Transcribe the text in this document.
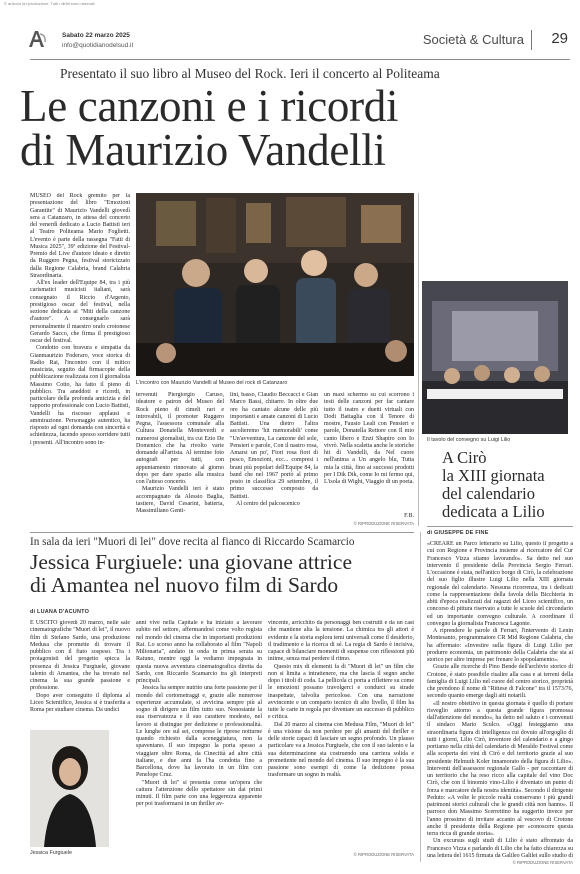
© articolo la riproduzione. Tutti i diritti sono riservati
Sabato 22 marzo 2025
info@quotidianodelsud.it	Società & Cultura 29
Presentato il suo libro al Museo del Rock. Ieri il concerto al Politeama
Le canzoni e i ricordi
di Maurizio Vandelli

MUSEO del Rock gremito per la presentazione del libro "Emozioni Garantite" di Maurizio Vandelli giovedì sera a Catanzaro, in attesa del concerto del venerdì dedicato a Lucio Battisti ieri al Teatro Politeama Mario Foglietti. L'evento è parte della rassegna "Fatti di Musica 2025", 39ª edizione del Festival-Premio del Live d'autore ideato e diretto da Ruggero Pegna, festival storicizzato dalla Regione Calabria, brand Calabria Straordinaria.

All'ex leader dell'Equipe 84, tra i più carismatici musicisti italiani, sarà consegnato il Riccio d'Argento, prestigioso oscar del festival, nella sezione dedicata ai "Miti della canzone d'autore". A consegnarlo sarà personalmente il maestro orafo crotonese Gerardo Sacco, che firma il prestigioso oscar del festival.

Condotto con bravura e simpatia da Gianmaurizio Foderaro, voce storica di Radio Rai, l'incontro con il mitico musicista, seguito dal firmacopie della pubblicazione realizzata con il giornalista Massimo Cotto, ha fatto il pieno di pubblico. Tra aneddoti e ricordi, in particolare della profonda amicizia e del rapporto professionale con Lucio Battisti, Vandelli ha riscosso applausi e ammirazione. Personaggio autentico, ha risposto ad ogni domanda con sincerità e schiettezza, facendo spesso sorridere tutti i presenti. All'incontro sono in-

L'incontro con Maurizio Vandelli al Museo del rock di Catanzaro

tervenuti Piergiorgio Caruso, ideatore e patron del Museo del Rock pieno di cimeli rari e introvabili, il promoter Ruggero Pegna, l'assessora comunale alla Cultura Donatella Monteverdi e numerosi giornalisti, tra cui Ezio De Domenico che ha rivolto varie domande all'artista. Al termine foto autografi per tutti, con appuntamento rinnovato al giorno dopo per dare spazio alla musica con l'atteso concerto.

Maurizio Vandelli ieri è stato accompagnato da Alessio Baglia, tastiere, David Cesarini, batteria, Massimiliano Genti-

lini, basso, Claudio Beccacci e Gian Marco Bassi, chitarre. In oltre due ore ha cantato alcune delle più importanti e amate canzoni di Lucio Battisti. Una dietro l'altra ascolteremo 'hit memorabili' come "Un'avventura, La canzone del sole, Pensieri e parole, Con il nastro rosa, Amarsi un po', Fiori rosa fiori di pesco, Emozioni, ecc... compresi i brani più popolari dell'Equipe 84, la band che nel 1967 portò al primo posto in classifica 29 settembre, il primo successo composto da Battisti.

Al centro del palcoscenico

un maxi schermo su cui scorrono i testi delle canzoni per far cantare tutto il teatro e duetti virtuali con Dodi Battaglia con il Tenore di mostre, Fausto Leali con Pensieri e parole, Donatella Rettore con Il mio canto libero e Enzi Shapiro con Io vivrò. Nella scaletta anche le storiche hit di Vandelli, da Nel cuore nell'anima a Un angelo blu, Tutta mia la città, fino ai successi prodotti per I Dik Dik, come Io mi fermo qui, L'isola di Wight, Viaggio di un poeta.

F.B.
© RIPRODUZIONE RISERVATA
Il tavolo del convegno su Luigi Lilio
A Cirò
la XIII giornata
del calendario
dedicata a Lilio
di GIUSEPPE DE FINE

«CREARE un Parco letterario su Lilio, questo il progetto a cui con Regione e Provincia insieme al ricercatore del Cur Francesco Vizza stiamo lavorando». Sa detto nel suo intervento il presidente della Provincia Sergio Ferrari. L'occasione è stata, nell'antico borgo di Cirò, la celebrazione del suo figlio illustre Luigi Lilio nella XIII giornata regionale del calendario. Nessuna ricorrenza, tra i dedicati come la rappresentazione della favola della Bicchieria in abiti d'epoca realizzati dai ragazzi del Liceo scientifico, un concorso di pittura riservato a tutte le scuole del circondario ed un importante convegno culturale. A coordinare il convegno la giornalista Francesca Lagonte.

A riprendere le parole di Ferrari, l'intervento di Lenin Montesanto, programmatore CR Mid Regione Calabria, che ha affermato: «Investire sulla figura di Luigi Lilio per produrre economia, un patrimonio della Calabria che sta ai storico per altre imprese per frenare lo spopolamento».

Grazie alle ricerche di Pino Bende dell'archivio storico di Crotone, è stato possibile risalire alla casa e ai terreni della famiglia di Luigi Lilio nel cuore del centro storico, proprietà che prendono il nome di "Rittese di Falcone" tra il 1573/76, secondo quanto emerge dagli atti notarili.

«Il nostro obiettivo in questa giornata è quello di portare risveglio attorno a questa grande figura promossa dall'attenzione del mondo», ha detto nel saluto e i convenuti il sindaco Mario Sculco. «Oggi festeggiamo una straordinaria figura di intelligenza cui dovuto all'orgoglio di tutti i giorni, Lilio Cirò, inventore del calendario e a gingo portiamo nella città del calendario di Meraldo Festival come alla scoperta dei vini di Cirò e del territorio grazie al suo presidente Helmuth Koler innamorato della figura di Lilio». Interventi dell'assessore regionale Gallo - per raccontare di un territorio che ha reso ricco alla capitale del vino Doc Cirò, che con il binomio vino-Lilio è diventato un punto di forza e marcatore della nostra identità». Secondo il dirigente Peduto: «A volte le piccole realtà conservano i più grandi patrimoni storici culturali che le grandi città non hanno». Il parroco don Massimo Scerrettino ha suggerito invece per l'anno prossimo di invitare accanto al vescovo di Crotone anche il presidente della Regione per «conoscere questa terra ricca di grande storia».

Un excursus sugli studi di Lilio è stato affrontato da Francesco Vizza e parlando di Lilio che ha fatto chiarezza su una lettera del 1615 firmata da Galileo Galilei sullo studio di

© RIPRODUZIONE RISERVATA
In sala da ieri "Muori di lei" dove recita al fianco di Riccardo Scamarcio
Jessica Furgiuele: una giovane attrice
di Amantea nel nuovo film di Sardo
di LUANA D'ACUNTO

È USCITO giovedì 20 marzo, nelle sale cinematografiche "Muori di lei", il nuovo film di Stefano Sardo, una produzione Medusa che promette di trovare il pubblico con il fiato sospeso. Tra i protagonisti del progetto spicca la presenza di Jessica Furgiuele, giovane talento di Amantea, che ha trovato nel cinema la sua grande passione e professione.

Dopo aver conseguito il diploma al Liceo Scientifico, Jessica si è trasferita a Roma per studiare cinema. Da undici

Jessica Furgiuele

anni vive nella Capitale e ha iniziato a lavorare subito nel settore, affermandosi come volto regista nel mondo del cinema che in importanti produzioni Rai. Lo scorso anno ha collaborato al film "Napoli Milionaria", andato in onda in prima serata su Raiuno, mentre oggi la vediamo impegnata in questa nuova avventura cinematografica diretta da Sardo, con Riccardo Scamarcio tra gli interpreti principali.

Jessica ha sempre nutrito una forte passione per il mondo del cortometraggi e, grazie alle numerose esperienze accumulate, si avvicina sempre più al sogno di dirigere un film tutto suo. Nonostante la sua riservatezza e il suo carattere modesto, nel lavoro si distingue per dedizione e professionalità. Le lunghe ore sul set, comprese le riprese notturne quando richiesto dalla sceneggiatura, non la spaventano. Il suo impegno la porta spesso a viaggiare oltre Roma, da Cinecittà ad altre città italiane, e due anni fa l'ha condotta fino a Barcellona, dove ha lavorato in un film con Penelope Cruz.

"Muori di lei" si presenta come un'opera che cattura l'attenzione dello spettatore sin dai primi minuti. Il film parte con una leggerezza apparente per poi trasformarsi in un thriller av-

vincente, arricchito da personaggi ben costruiti e da un cast che mantiene alta la tensione. La chimica tra gli attori è evidente e la storia esplora temi universali come il desiderio, il tradimento e la ricerca di sé. La regia di Sardo è incisiva, capace di bilanciare momenti di suspense con riflessioni più intime, senza mai perdere il ritmo.

Questo mix di elementi fa di "Muori di lei" un film che non si limita a intrattenere, ma che lascia il segno anche dopo i titoli di coda. La pellicola ci porta a riflettere su come le emozioni possano travolgerci e condurci su strade inaspettate, talvolta pericolose. Con una narrazione avvincente e un comparto tecnico di alto livello, il film ha tutte le carte in regola per diventare un successo di pubblico e critica.

Dal 20 marzo al cinema con Medusa Film, "Muori di lei" è una visione da non perdere per gli amanti del thriller e delle storie capaci di lasciare un segno profondo. Un plauso particolare va a Jessica Furgiuele, che con il suo talento e la sua determinazione sta costruendo una carriera solida e promettente nel mondo del cinema. Il suo impegno è la sua passione sono esempi di come la dedizione possa trasformare un sogno in realtà.

© RIPRODUZIONE RISERVATA
